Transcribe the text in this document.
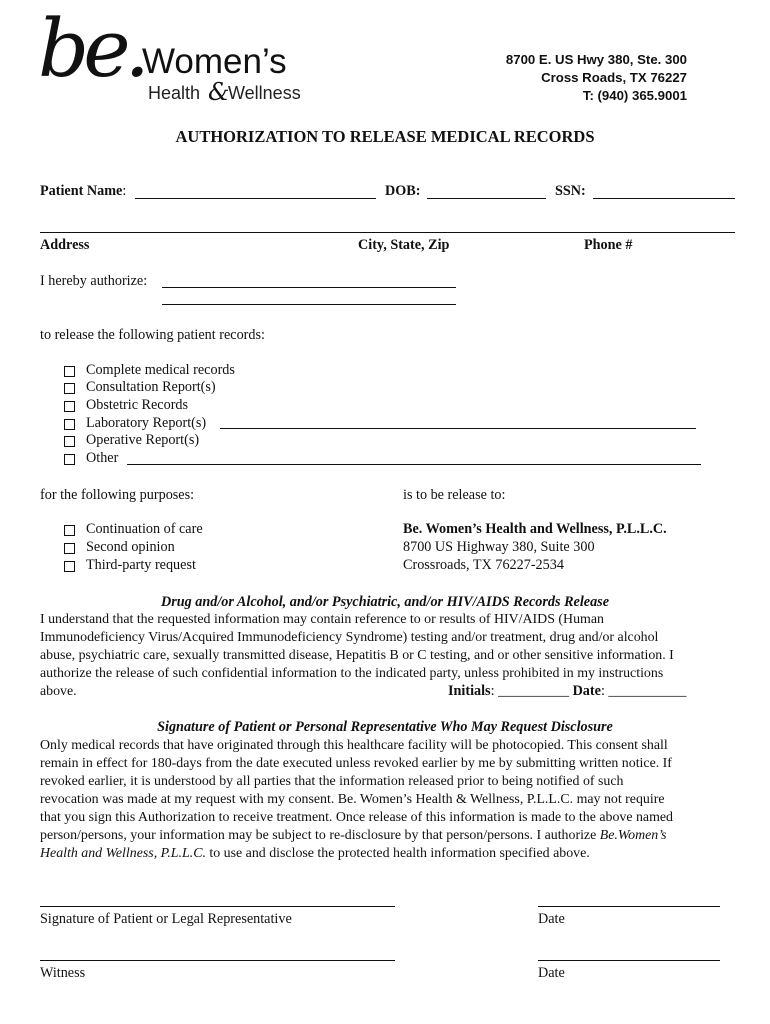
be.
Women’s
Health &
Wellness
8700 E. US Hwy 380, Ste. 300
Cross Roads, TX 76227
T: (940) 365.9001
AUTHORIZATION TO RELEASE MEDICAL RECORDS
Patient Name:	DOB:	SSN:
Address	City, State, Zip	Phone #
I hereby authorize:
to release the following patient records:
Complete medical records
Consultation Report(s)
Obstetric Records
Laboratory Report(s)
Operative Report(s)
Other
for the following purposes:
Continuation of care
Second opinion
Third-party request
is to be release to:
Be. Women’s Health and Wellness, P.L.L.C.
8700 US Highway 380, Suite 300
Crossroads, TX 76227-2534
Drug and/or Alcohol, and/or Psychiatric, and/or HIV/AIDS Records Release
I understand that the requested information may contain reference to or results of HIV/AIDS (Human
Immunodeficiency Virus/Acquired Immunodeficiency Syndrome) testing and/or treatment, drug and/or alcohol
abuse, psychiatric care, sexually transmitted disease, Hepatitis B or C testing, and or other sensitive information. I
authorize the release of such confidential information to the indicated party, unless prohibited in my instructions
above.	Initials: __________ Date: ___________
Signature of Patient or Personal Representative Who May Request Disclosure
Only medical records that have originated through this healthcare facility will be photocopied. This consent shall
remain in effect for 180-days from the date executed unless revoked earlier by me by submitting written notice. If
revoked earlier, it is understood by all parties that the information released prior to being notified of such
revocation was made at my request with my consent. Be. Women’s Health & Wellness, P.L.L.C. may not require
that you sign this Authorization to receive treatment. Once release of this information is made to the above named
person/persons, your information may be subject to re-disclosure by that person/persons. I authorize Be.Women’s
Health and Wellness, P.L.L.C. to use and disclose the protected health information specified above.
Signature of Patient or Legal Representative	Date
Witness	Date
